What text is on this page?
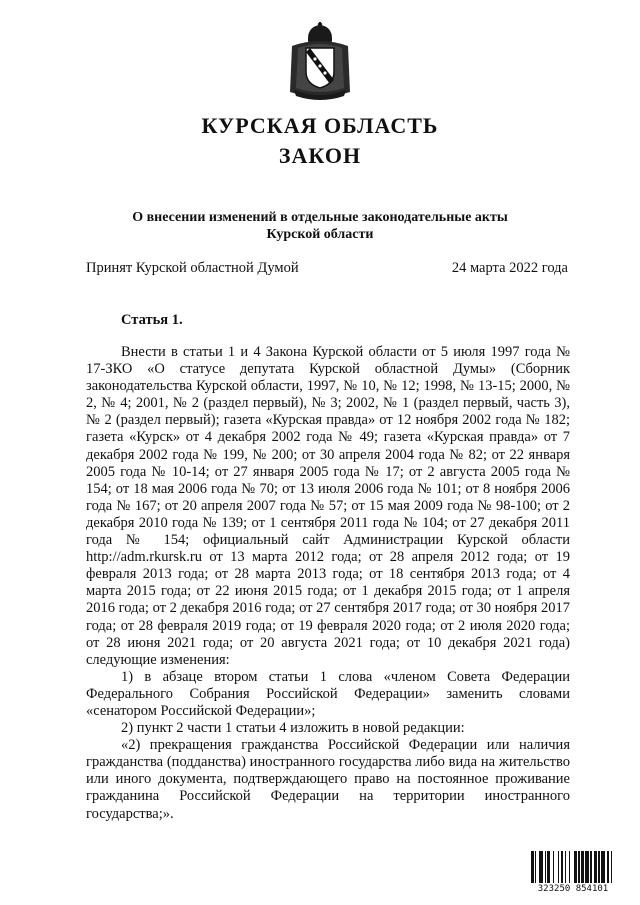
КУРСКАЯ ОБЛАСТЬ
ЗАКОН
О внесении изменений в отдельные законодательные акты
Курской области
Принят Курской областной Думой	24 марта 2022 года
Статья 1.

Внести в статьи 1 и 4 Закона Курской области от 5 июля 1997 года № 17-ЗКО «О статусе депутата Курской областной Думы» (Сборник законодательства Курской области, 1997, № 10, № 12; 1998, № 13-15; 2000, № 2, № 4; 2001, № 2 (раздел первый), № 3; 2002, № 1 (раздел первый, часть 3), № 2 (раздел первый); газета «Курская правда» от 12 ноября 2002 года № 182; газета «Курск» от 4 декабря 2002 года № 49; газета «Курская правда» от 7 декабря 2002 года № 199, № 200; от 30 апреля 2004 года № 82; от 22 января 2005 года № 10-14; от 27 января 2005 года № 17; от 2 августа 2005 года № 154; от 18 мая 2006 года № 70; от 13 июля 2006 года № 101; от 8 ноября 2006 года № 167; от 20 апреля 2007 года № 57; от 15 мая 2009 года № 98-100; от 2 декабря 2010 года № 139; от 1 сентября 2011 года № 104; от 27 декабря 2011 года № 154; официальный сайт Администрации Курской области http://adm.rkursk.ru от 13 марта 2012 года; от 28 апреля 2012 года; от 19 февраля 2013 года; от 28 марта 2013 года; от 18 сентября 2013 года; от 4 марта 2015 года; от 22 июня 2015 года; от 1 декабря 2015 года; от 1 апреля 2016 года; от 2 декабря 2016 года; от 27 сентября 2017 года; от 30 ноября 2017 года; от 28 февраля 2019 года; от 19 февраля 2020 года; от 2 июля 2020 года; от 28 июня 2021 года; от 20 августа 2021 года; от 10 декабря 2021 года) следующие изменения:

1) в абзаце втором статьи 1 слова «членом Совета Федерации Федерального Собрания Российской Федерации» заменить словами «сенатором Российской Федерации»;

2) пункт 2 части 1 статьи 4 изложить в новой редакции:

«2) прекращения гражданства Российской Федерации или наличия гражданства (подданства) иностранного государства либо вида на жительство или иного документа, подтверждающего право на постоянное проживание гражданина Российской Федерации на территории иностранного государства;».

323250 854101
